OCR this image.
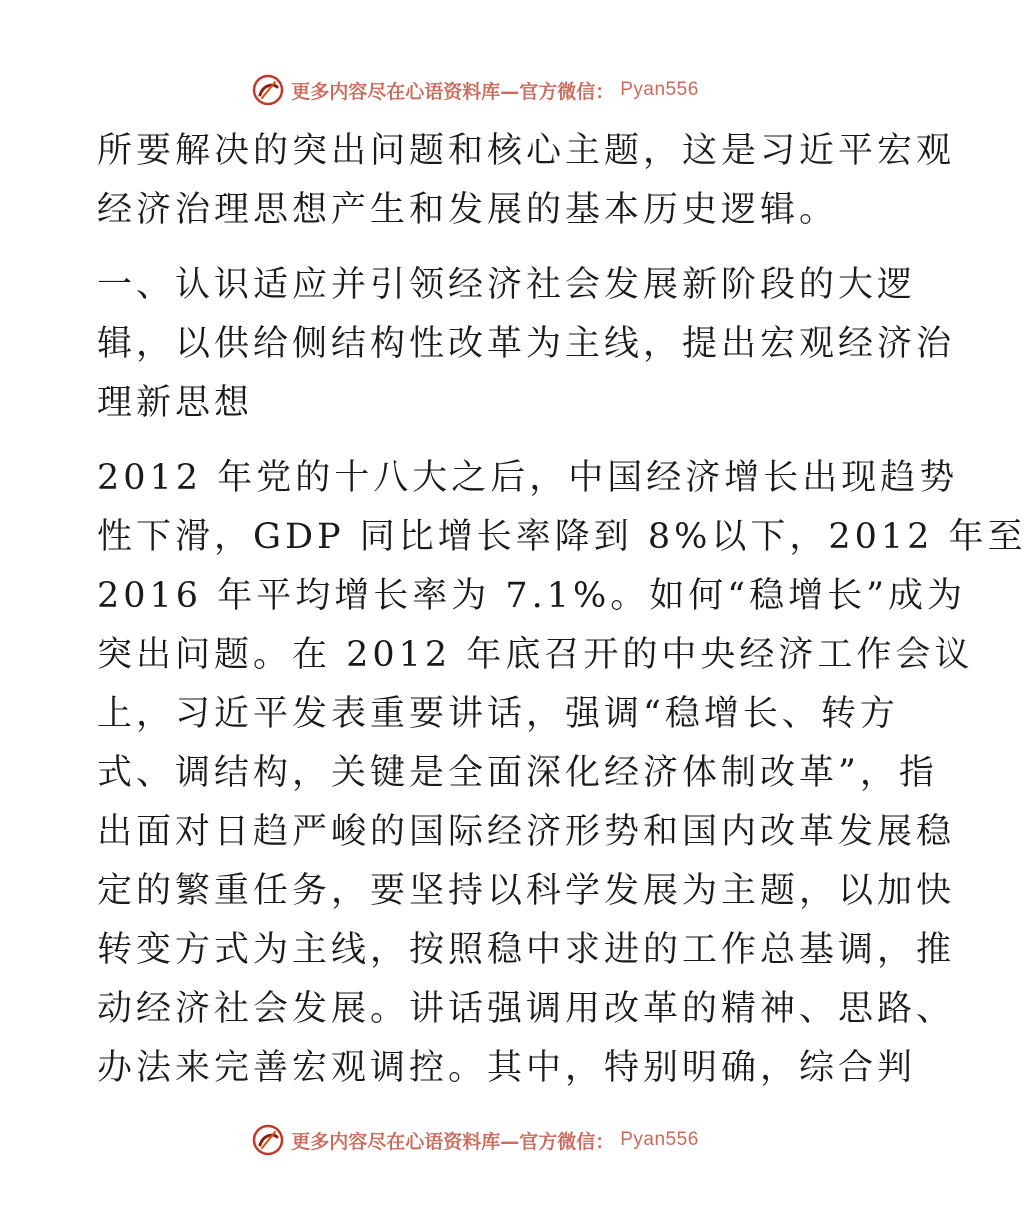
更多内容尽在心语资料库—官方微信： Pyan556
所要解决的突出问题和核心主题，这是习近平宏观
经济治理思想产生和发展的基本历史逻辑。
一、认识适应并引领经济社会发展新阶段的大逻
辑，以供给侧结构性改革为主线，提出宏观经济治
理新思想
2012 年党的十八大之后，中国经济增长出现趋势
性下滑，GDP 同比增长率降到 8%以下，2012 年至
2016 年平均增长率为 7.1%。如何“稳增长”成为
突出问题。在 2012 年底召开的中央经济工作会议
上，习近平发表重要讲话，强调“稳增长、转方
式、调结构，关键是全面深化经济体制改革”，指
出面对日趋严峻的国际经济形势和国内改革发展稳
定的繁重任务，要坚持以科学发展为主题，以加快
转变方式为主线，按照稳中求进的工作总基调，推
动经济社会发展。讲话强调用改革的精神、思路、
办法来完善宏观调控。其中，特别明确，综合判
更多内容尽在心语资料库—官方微信： Pyan556
